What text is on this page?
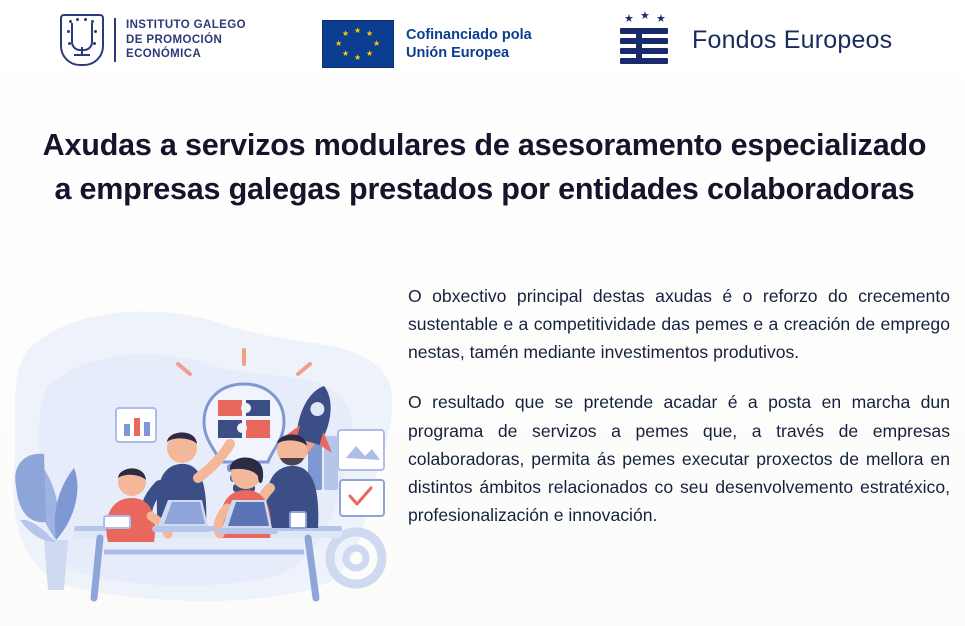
INSTITUTO GALEGO
DE PROMOCIÓN
ECONÓMICA
★ ★
★
★
★
★
★
★	Cofinanciado pola
Unión Europea
★ ★ ★
Fondos Europeos
Axudas a servizos modulares de asesoramento especializado a empresas galegas prestados por entidades colaboradoras

O obxectivo principal destas axudas é o reforzo do crecemento sustentable e a competitividade das pemes e a creación de emprego nestas, tamén mediante investimentos produtivos.

O resultado que se pretende acadar é a posta en marcha dun programa de servizos a pemes que, a través de empresas colaboradoras, permita ás pemes executar proxectos de mellora en distintos ámbitos relacionados co seu desenvolvemento estratéxico, profesionalización e innovación.
